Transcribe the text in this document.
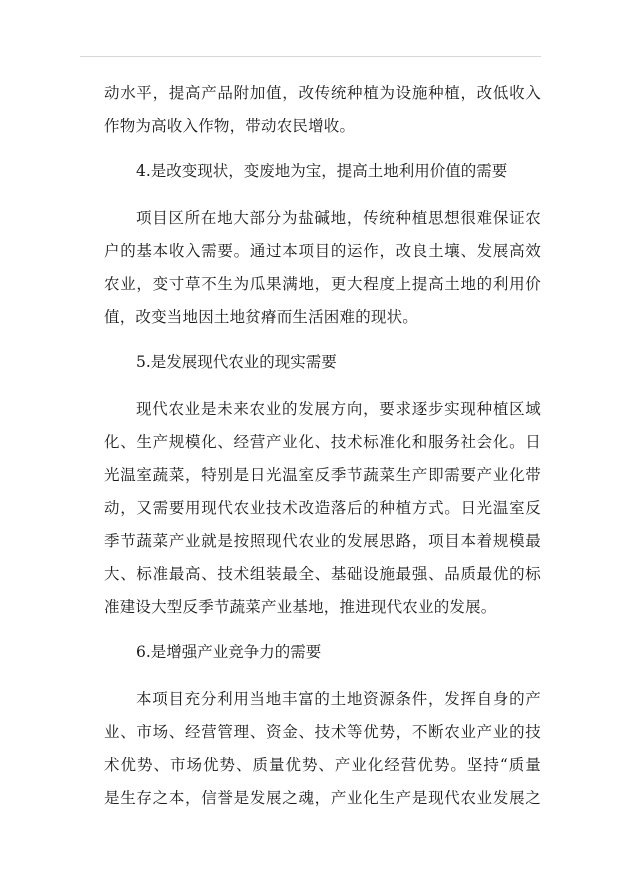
动水平，提高产品附加值，改传统种植为设施种植，改低收入
作物为高收入作物，带动农民增收。
4.是改变现状，变废地为宝，提高土地利用价值的需要
项目区所在地大部分为盐碱地，传统种植思想很难保证农
户的基本收入需要。通过本项目的运作，改良土壤、发展高效
农业，变寸草不生为瓜果满地，更大程度上提高土地的利用价
值，改变当地因土地贫瘠而生活困难的现状。
5.是发展现代农业的现实需要
现代农业是未来农业的发展方向，要求逐步实现种植区域
化、生产规模化、经营产业化、技术标准化和服务社会化。日
光温室蔬菜，特别是日光温室反季节蔬菜生产即需要产业化带
动，又需要用现代农业技术改造落后的种植方式。日光温室反
季节蔬菜产业就是按照现代农业的发展思路，项目本着规模最
大、标准最高、技术组装最全、基础设施最强、品质最优的标
准建设大型反季节蔬菜产业基地，推进现代农业的发展。
6.是增强产业竞争力的需要
本项目充分利用当地丰富的土地资源条件，发挥自身的产
业、市场、经营管理、资金、技术等优势，不断农业产业的技
术优势、市场优势、质量优势、产业化经营优势。坚持“质量
是生存之本，信誉是发展之魂，产业化生产是现代农业发展之
